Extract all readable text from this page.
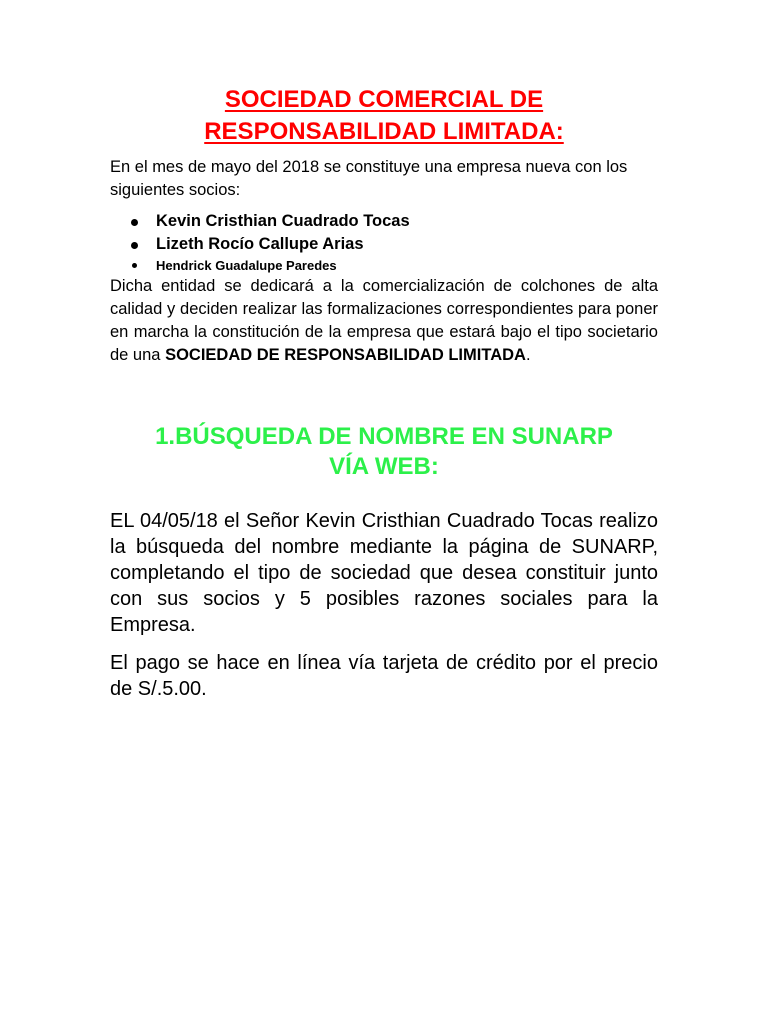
SOCIEDAD COMERCIAL DE
RESPONSABILIDAD LIMITADA:

En el mes de mayo del 2018 se constituye una empresa nueva con los siguientes socios:

Kevin Cristhian Cuadrado Tocas
Lizeth Rocío Callupe Arias
Hendrick Guadalupe Paredes

Dicha entidad se dedicará a la comercialización de colchones de alta calidad y deciden realizar las formalizaciones correspondientes para poner en marcha la constitución de la empresa que estará bajo el tipo societario de una SOCIEDAD DE RESPONSABILIDAD LIMITADA.

1.BÚSQUEDA DE NOMBRE EN SUNARP
VÍA WEB:

EL 04/05/18 el Señor Kevin Cristhian Cuadrado Tocas realizo la búsqueda del nombre mediante la página de SUNARP, completando el tipo de sociedad que desea constituir junto con sus socios y 5 posibles razones sociales para la Empresa.

El pago se hace en línea vía tarjeta de crédito por el precio de S/.5.00.
